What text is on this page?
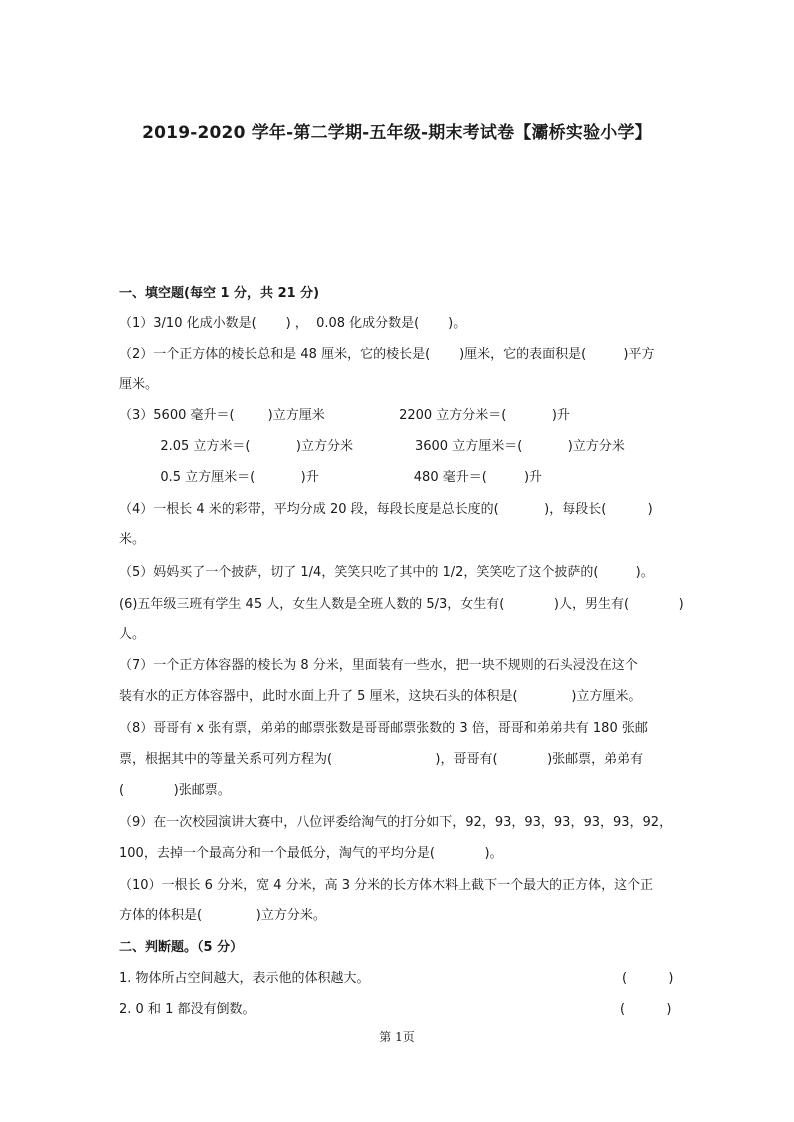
2019-2020 学年-第二学期-五年级-期末考试卷【灞桥实验小学】
一、填空题(每空 1 分，共 21 分)
（1）3/10 化成小数是(       ) ，  0.08 化成分数是(       )。
（2）一个正方体的棱长总和是 48 厘米，它的棱长是(       )厘米，它的表面积是(         )平方
厘米。
（3）5600 毫升＝(        )立方厘米                  2200 立方分米＝(           )升
2.05 立方米＝(           )立方分米               3600 立方厘米＝(           )立方分米
0.5 立方厘米＝(           )升                       480 毫升＝(         )升
（4）一根长 4 米的彩带，平均分成 20 段，每段长度是总长度的(           )，每段长(          )
米。
（5）妈妈买了一个披萨，切了 1/4，笑笑只吃了其中的 1/2，笑笑吃了这个披萨的(         )。
(6)五年级三班有学生 45 人，女生人数是全班人数的 5/3，女生有(            )人，男生有(            )
人。
（7）一个正方体容器的棱长为 8 分米，里面装有一些水，把一块不规则的石头浸没在这个
装有水的正方体容器中，此时水面上升了 5 厘米，这块石头的体积是(             )立方厘米。
（8）哥哥有 x 张有票，弟弟的邮票张数是哥哥邮票张数的 3 倍，哥哥和弟弟共有 180 张邮
票，根据其中的等量关系可列方程为(                         )，哥哥有(            )张邮票，弟弟有
(            )张邮票。
（9）在一次校园演讲大赛中，八位评委给淘气的打分如下，92，93，93，93，93，93，92，
100，去掉一个最高分和一个最低分，淘气的平均分是(            )。
（10）一根长 6 分米，宽 4 分米，高 3 分米的长方体木料上截下一个最大的正方体，这个正
方体的体积是(             )立方分米。
二、判断题。（5 分）
1. 物体所占空间越大，表示他的体积越大。	(          )
2. 0 和 1 都没有倒数。	(          )
第 1页
